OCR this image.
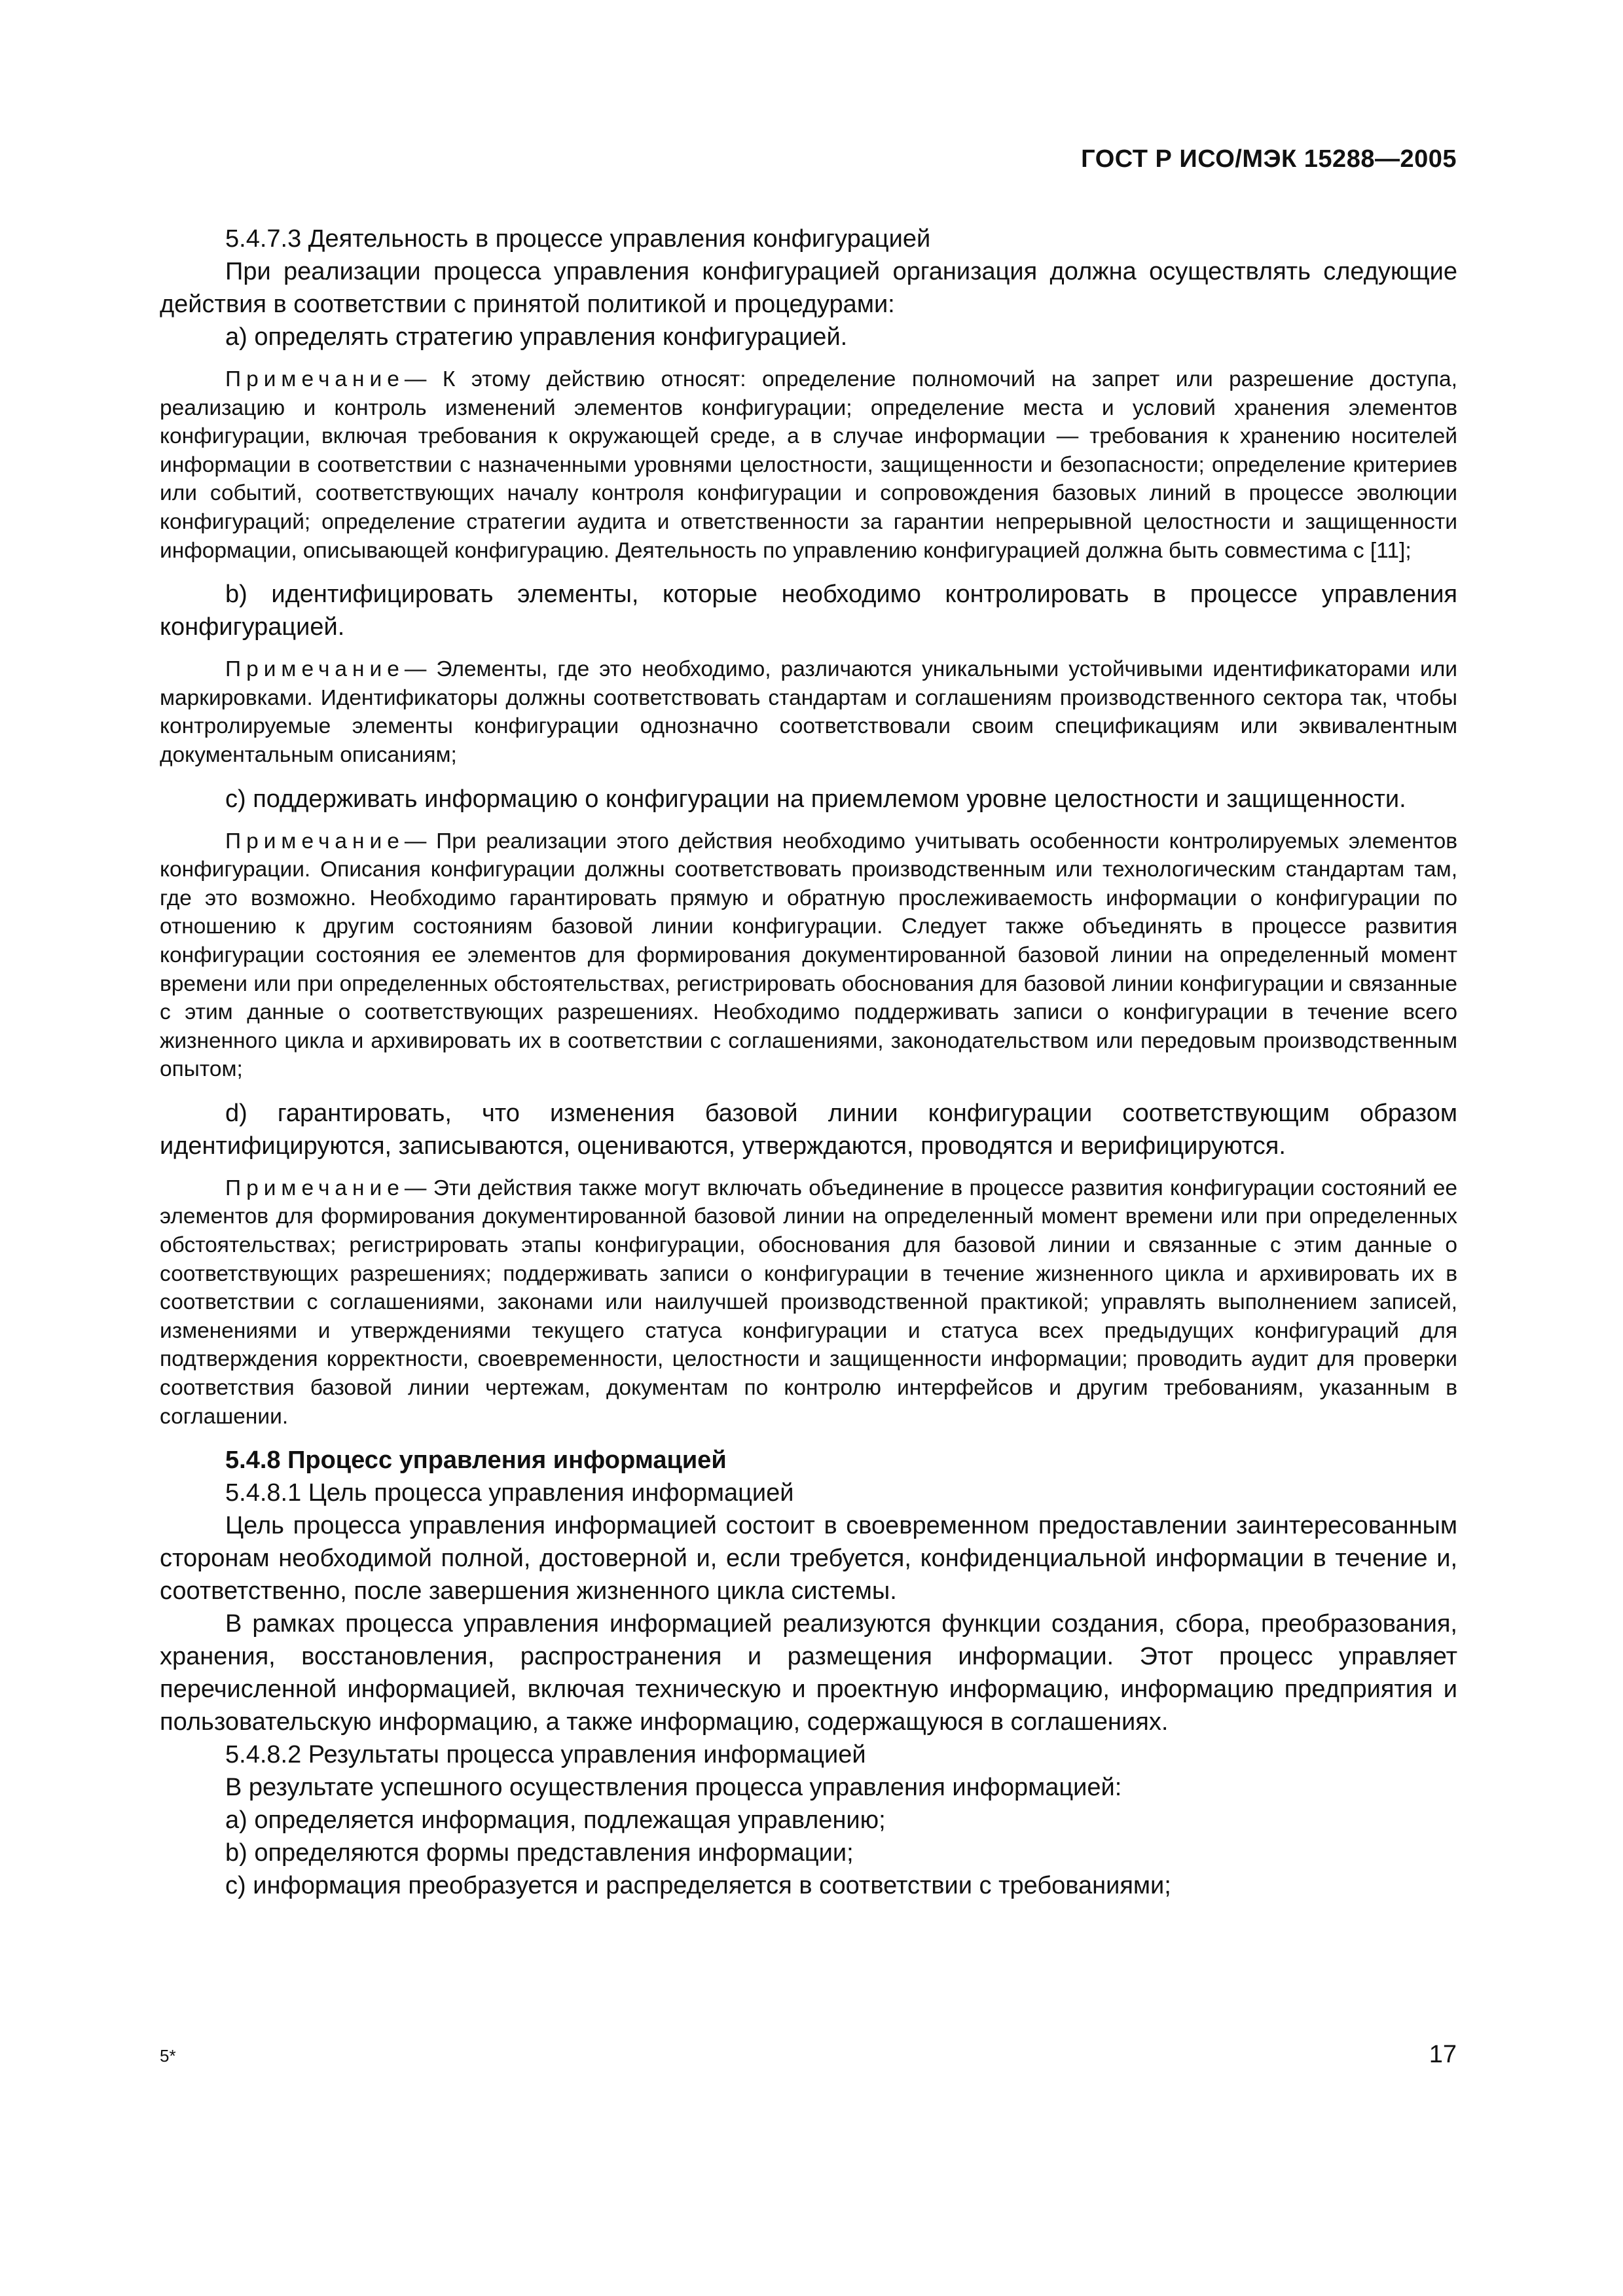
ГОСТ Р ИСО/МЭК 15288—2005

5.4.7.3 Деятельность в процессе управления конфигурацией

При реализации процесса управления конфигурацией организация должна осуществлять следующие действия в соответствии с принятой политикой и процедурами:

a) определять стратегию управления конфигурацией.

Примечание— К этому действию относят: определение полномочий на запрет или разрешение доступа, реализацию и контроль изменений элементов конфигурации; определение места и условий хранения элементов конфигурации, включая требования к окружающей среде, а в случае информации — требования к хранению носителей информации в соответствии с назначенными уровнями целостности, защищенности и безопасности; определение критериев или событий, соответствующих началу контроля конфигурации и сопровождения базовых линий в процессе эволюции конфигураций; определение стратегии аудита и ответственности за гарантии непрерывной целостности и защищенности информации, описывающей конфигурацию. Деятельность по управлению конфигурацией должна быть совместима с [11];

b) идентифицировать элементы, которые необходимо контролировать в процессе управления конфигурацией.

Примечание— Элементы, где это необходимо, различаются уникальными устойчивыми идентификаторами или маркировками. Идентификаторы должны соответствовать стандартам и соглашениям производственного сектора так, чтобы контролируемые элементы конфигурации однозначно соответствовали своим спецификациям или эквивалентным документальным описаниям;

c) поддерживать информацию о конфигурации на приемлемом уровне целостности и защищенности.

Примечание— При реализации этого действия необходимо учитывать особенности контролируемых элементов конфигурации. Описания конфигурации должны соответствовать производственным или технологическим стандартам там, где это возможно. Необходимо гарантировать прямую и обратную прослеживаемость информации о конфигурации по отношению к другим состояниям базовой линии конфигурации. Следует также объединять в процессе развития конфигурации состояния ее элементов для формирования документированной базовой линии на определенный момент времени или при определенных обстоятельствах, регистрировать обоснования для базовой линии конфигурации и связанные с этим данные о соответствующих разрешениях. Необходимо поддерживать записи о конфигурации в течение всего жизненного цикла и архивировать их в соответствии с соглашениями, законодательством или передовым производственным опытом;

d) гарантировать, что изменения базовой линии конфигурации соответствующим образом идентифицируются, записываются, оцениваются, утверждаются, проводятся и верифицируются.

Примечание— Эти действия также могут включать объединение в процессе развития конфигурации состояний ее элементов для формирования документированной базовой линии на определенный момент времени или при определенных обстоятельствах; регистрировать этапы конфигурации, обоснования для базовой линии и связанные с этим данные о соответствующих разрешениях; поддерживать записи о конфигурации в течение жизненного цикла и архивировать их в соответствии с соглашениями, законами или наилучшей производственной практикой; управлять выполнением записей, изменениями и утверждениями текущего статуса конфигурации и статуса всех предыдущих конфигураций для подтверждения корректности, своевременности, целостности и защищенности информации; проводить аудит для проверки соответствия базовой линии чертежам, документам по контролю интерфейсов и другим требованиям, указанным в соглашении.

5.4.8 Процесс управления информацией

5.4.8.1 Цель процесса управления информацией

Цель процесса управления информацией состоит в своевременном предоставлении заинтересованным сторонам необходимой полной, достоверной и, если требуется, конфиденциальной информации в течение и, соответственно, после завершения жизненного цикла системы.

В рамках процесса управления информацией реализуются функции создания, сбора, преобразования, хранения, восстановления, распространения и размещения информации. Этот процесс управляет перечисленной информацией, включая техническую и проектную информацию, информацию предприятия и пользовательскую информацию, а также информацию, содержащуюся в соглашениях.

5.4.8.2 Результаты процесса управления информацией

В результате успешного осуществления процесса управления информацией:

a) определяется информация, подлежащая управлению;

b) определяются формы представления информации;

c) информация преобразуется и распределяется в соответствии с требованиями;

5*	17
